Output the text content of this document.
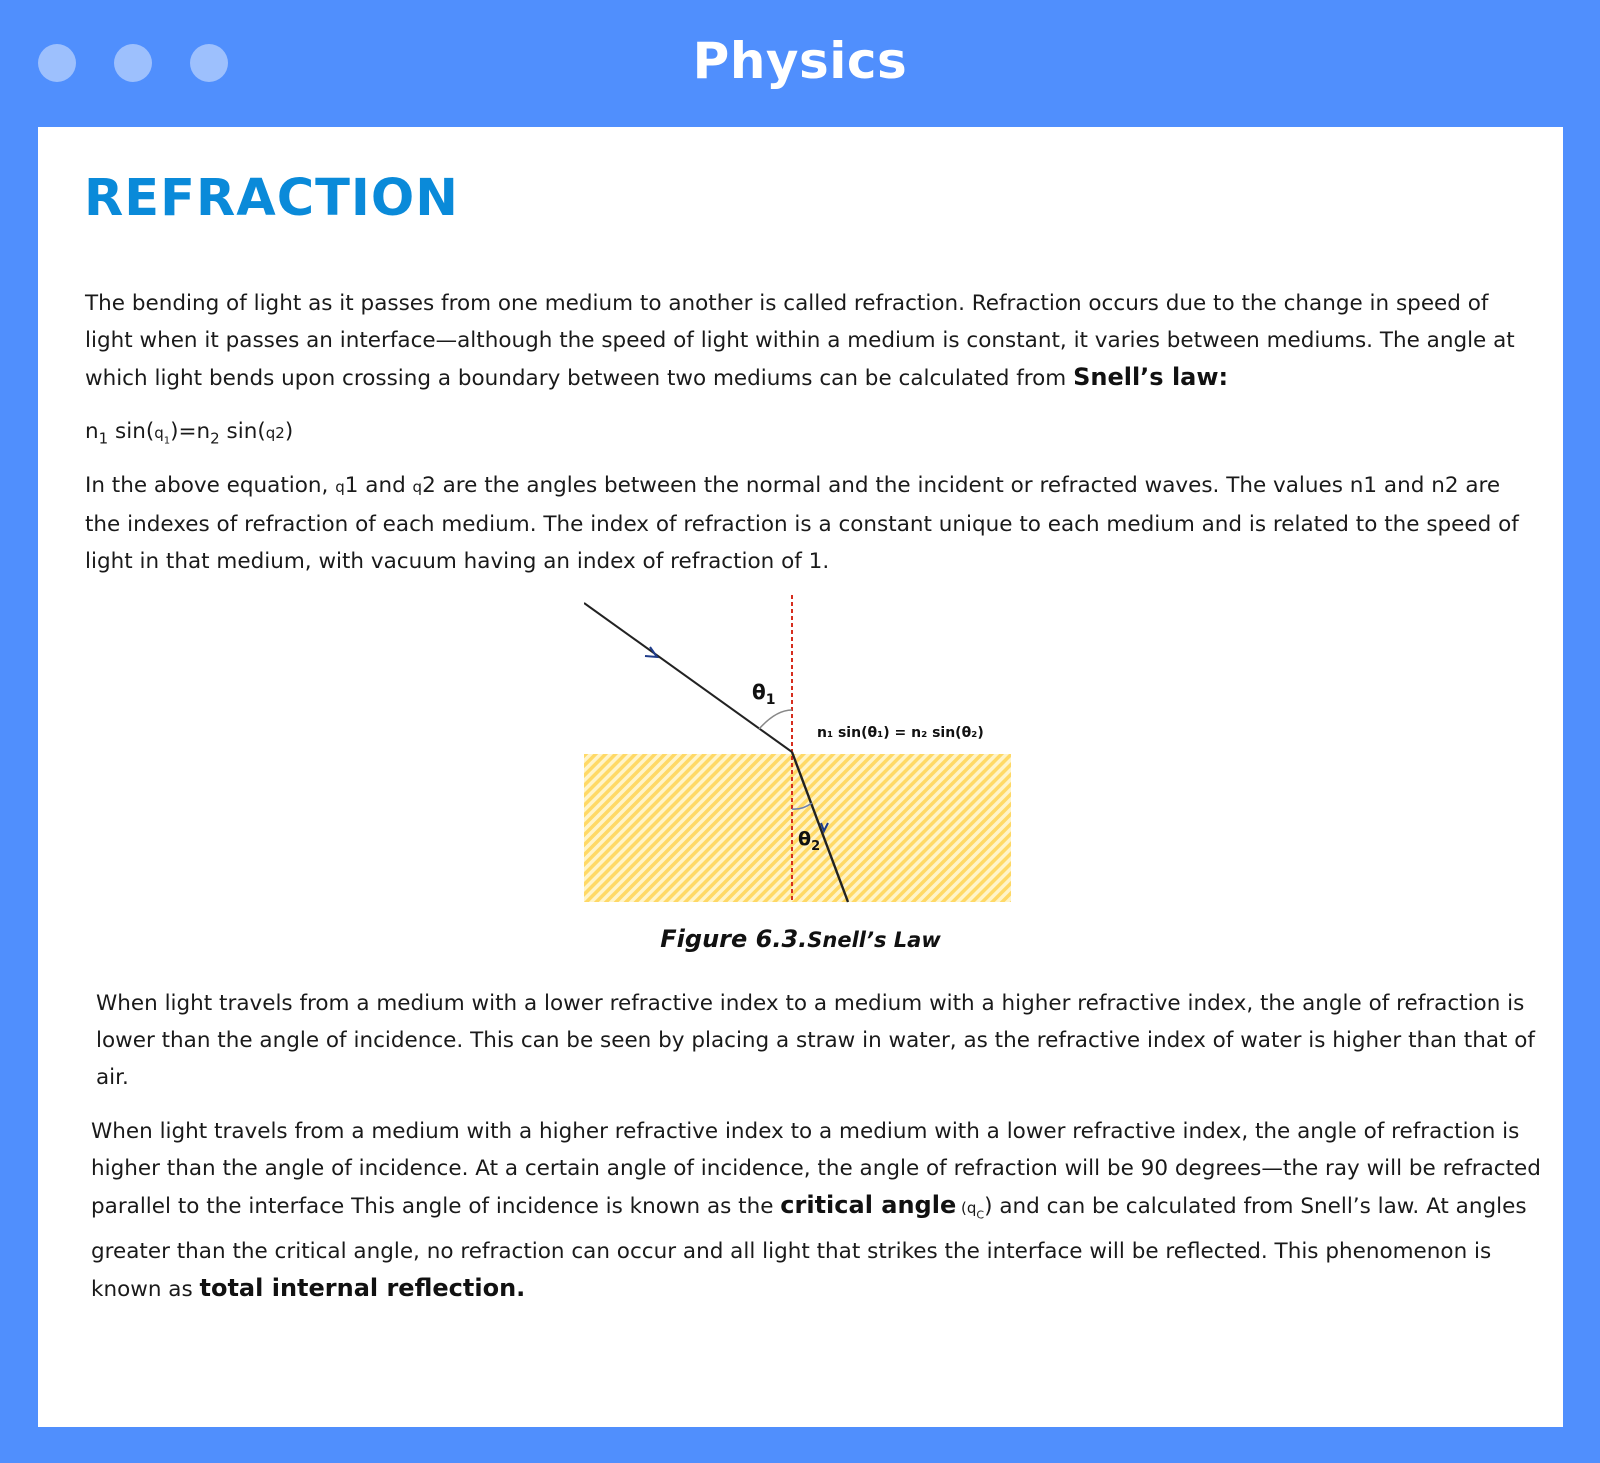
Physics
REFRACTION

The bending of light as it passes from one medium to another is called refraction. Refraction occurs due to the change in speed of light when it passes an interface—although the speed of light within a medium is constant, it varies between mediums. The angle at which light bends upon crossing a boundary between two mediums can be calculated from Snell’s law:

$n_1$ $\sin(q_1)=n_2$ sin(q2)

In the above equation, q1 and q2 are the angles between the normal and the incident or refracted waves. The values n1 and n2 are the indexes of refraction of each medium. The index of refraction is a constant unique to each medium and is related to the speed of light in that medium, with vacuum having an index of refraction of 1.

$\theta_1$
$\theta_2$
n₁ sin(θ₁) = n₂ sin(θ₂)
Figure 6.3.Snell’s Law

When light travels from a medium with a lower refractive index to a medium with a higher refractive index, the angle of refraction is lower than the angle of incidence. This can be seen by placing a straw in water, as the refractive index of water is higher than that of air.

When light travels from a medium with a higher refractive index to a medium with a lower refractive index, the angle of refraction is higher than the angle of incidence. At a certain angle of incidence, the angle of refraction will be 90 degrees—the ray will be refracted parallel to the interface This angle of incidence is known as the critical angle $(q_C)$ and can be calculated from Snell’s law. At angles greater than the critical angle, no refraction can occur and all light that strikes the interface will be reflected. This phenomenon is known as total internal reflection.
